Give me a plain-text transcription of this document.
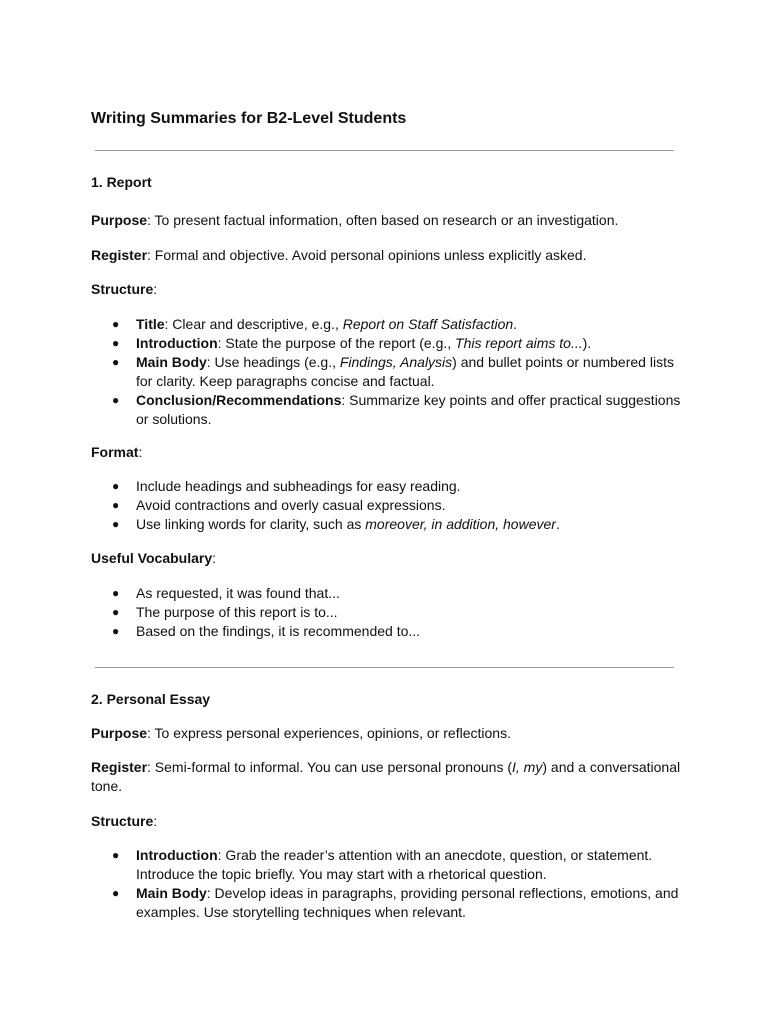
Writing Summaries for B2-Level Students
1. Report

Purpose: To present factual information, often based on research or an investigation.

Register: Formal and objective. Avoid personal opinions unless explicitly asked.

Structure:

● Title: Clear and descriptive, e.g., Report on Staff Satisfaction.
● Introduction: State the purpose of the report (e.g., This report aims to...).
● Main Body: Use headings (e.g., Findings, Analysis) and bullet points or numbered lists for clarity. Keep paragraphs concise and factual.
● Conclusion/Recommendations: Summarize key points and offer practical suggestions or solutions.

Format:

● Include headings and subheadings for easy reading.
● Avoid contractions and overly casual expressions.
● Use linking words for clarity, such as moreover, in addition, however.

Useful Vocabulary:

● As requested, it was found that...
● The purpose of this report is to...
● Based on the findings, it is recommended to...
2. Personal Essay

Purpose: To express personal experiences, opinions, or reflections.

Register: Semi-formal to informal. You can use personal pronouns (I, my) and a conversational tone.

Structure:

● Introduction: Grab the reader’s attention with an anecdote, question, or statement. Introduce the topic briefly. You may start with a rhetorical question.
● Main Body: Develop ideas in paragraphs, providing personal reflections, emotions, and examples. Use storytelling techniques when relevant.
